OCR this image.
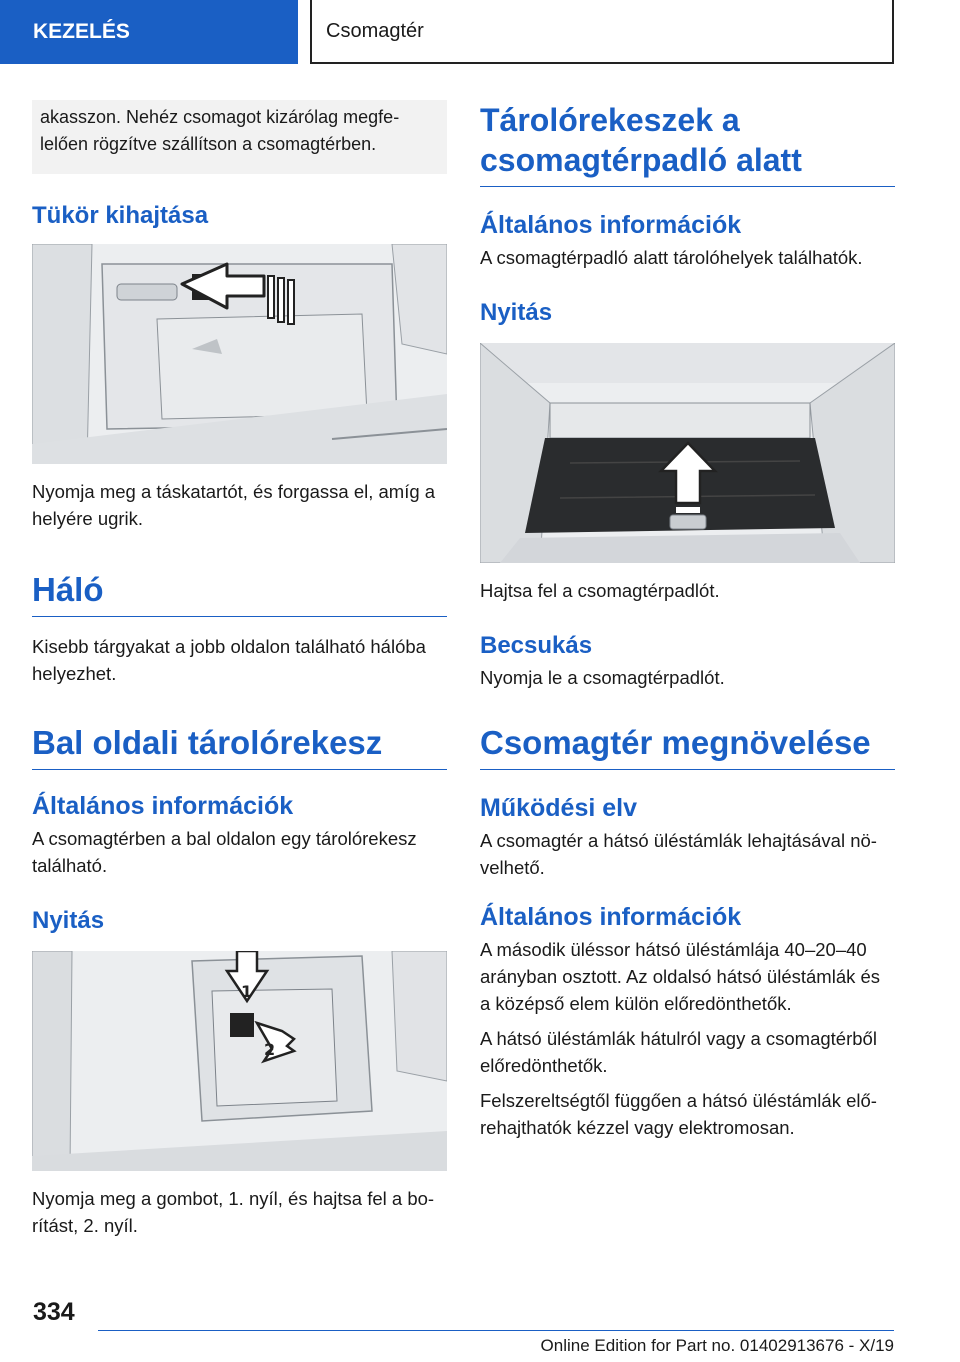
KEZELÉS	Csomagtér
akasszon. Nehéz csomagot kizárólag megfelelően rögzítve szállítson a csomagtérben.
Tükör kihajtása

Nyomja meg a táskatartót, és forgassa el, amíg a helyére ugrik.

Háló

Kisebb tárgyakat a jobb oldalon található hálóba helyezhet.

Bal oldali tárolórekesz
Általános információk

A csomagtérben a bal oldalon egy tárolórekesz található.

Nyitás
1
2

Nyomja meg a gombot, 1. nyíl, és hajtsa fel a borítást, 2. nyíl.

Tárolórekeszek a csomagtérpadló alatt
Általános információk

A csomagtérpadló alatt tárolóhelyek találhatók.

Nyitás

Hajtsa fel a csomagtérpadlót.

Becsukás

Nyomja le a csomagtérpadlót.

Csomagtér megnövelése
Működési elv

A csomagtér a hátsó üléstámlák lehajtásával növelhető.

Általános információk

A második üléssor hátsó üléstámlája 40–20–40 arányban osztott. Az oldalsó hátsó üléstámlák és a középső elem külön előredönthetők.

A hátsó üléstámlák hátulról vagy a csomagtérből előredönthetők.

Felszereltségtől függően a hátsó üléstámlák előrehajthatók kézzel vagy elektromosan.

334
Online Edition for Part no. 01402913676 - X/19
